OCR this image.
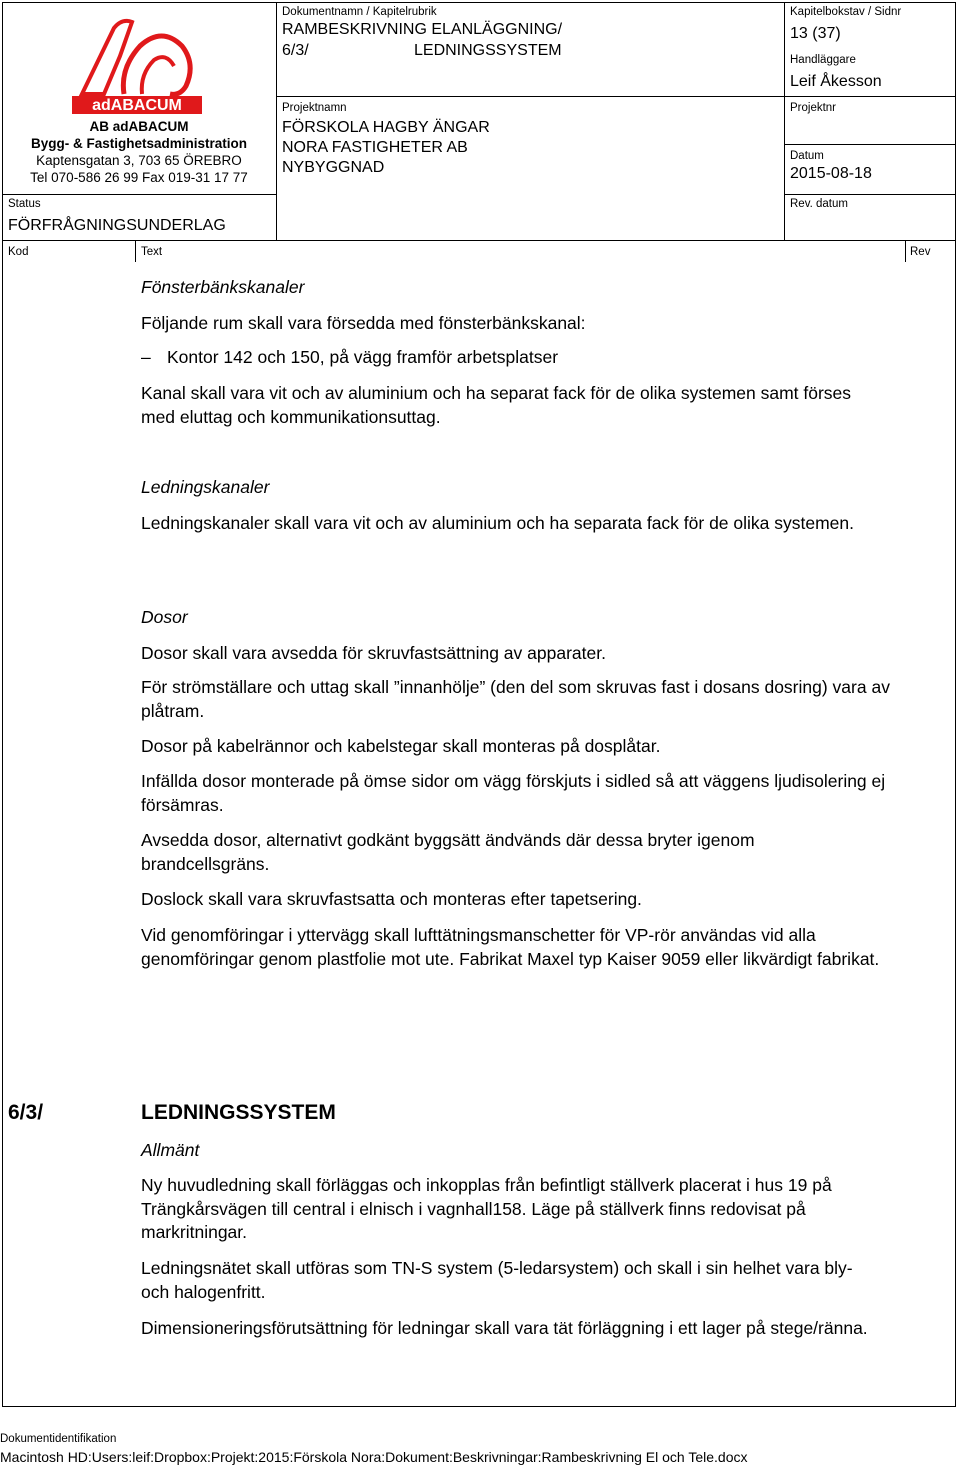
adABACUM
AB adABACUM
Bygg- & Fastighetsadministration
Kaptensgatan 3, 703 65 ÖREBRO
Tel 070-586 26 99 Fax 019-31 17 77
Status
FÖRFRÅGNINGSUNDERLAG
Dokumentnamn / Kapitelrubrik
RAMBESKRIVNING ELANLÄGGNING/
6/3/	LEDNINGSSYSTEM
Projektnamn
FÖRSKOLA HAGBY ÄNGAR
NORA FASTIGHETER AB
NYBYGGNAD
Kapitelbokstav / Sidnr
13 (37)
Handläggare
Leif Åkesson
Projektnr
Datum
2015-08-18
Rev. datum
Kod	Text	Rev
Fönsterbänkskanaler
Följande rum skall vara försedda med fönsterbänkskanal:
– Kontor 142 och 150, på vägg framför arbetsplatser
Kanal skall vara vit och av aluminium och ha separat fack för de olika systemen samt förses med eluttag och kommunikationsuttag.
Ledningskanaler
Ledningskanaler skall vara vit och av aluminium och ha separata fack för de olika systemen.
Dosor
Dosor skall vara avsedda för skruvfastsättning av apparater.
För strömställare och uttag skall ”innanhölje” (den del som skruvas fast i dosans dosring) vara av plåtram.
Dosor på kabelrännor och kabelstegar skall monteras på dosplåtar.
Infällda dosor monterade på ömse sidor om vägg förskjuts i sidled så att väggens ljudisolering ej försämras.
Avsedda dosor, alternativt godkänt byggsätt ändvänds där dessa bryter igenom brandcellsgräns.
Doslock skall vara skruvfastsatta och monteras efter tapetsering.
Vid genomföringar i yttervägg skall lufttätningsmanschetter för VP-rör användas vid alla genomföringar genom plastfolie mot ute. Fabrikat Maxel typ Kaiser 9059 eller likvärdigt fabrikat.
6/3/	LEDNINGSSYSTEM
Allmänt
Ny huvudledning skall förläggas och inkopplas från befintligt ställverk placerat i hus 19 på Trängkårsvägen till central i elnisch i vagnhall158. Läge på ställverk finns redovisat på markritningar.
Ledningsnätet skall utföras som TN-S system (5-ledarsystem) och skall i sin helhet vara bly- och halogenfritt.
Dimensioneringsförutsättning för ledningar skall vara tät förläggning i ett lager på stege/ränna.
Dokumentidentifikation
Macintosh HD:Users:leif:Dropbox:Projekt:2015:Förskola Nora:Dokument:Beskrivningar:Rambeskrivning El och Tele.docx
